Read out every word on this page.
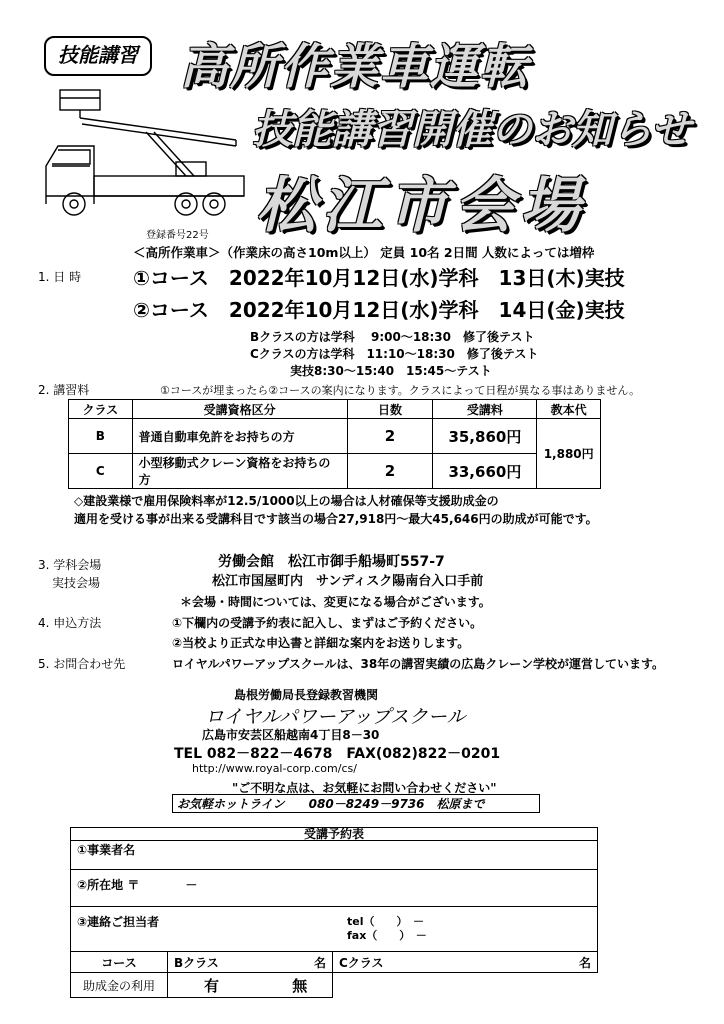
技能講習 高所作業車運転
技能講習開催のお知らせ
松江市会場
登録番号22号
＜高所作業車＞（作業床の高さ10m以上） 定員 10名 2日間 人数によっては増枠
1. 日 時	①コース　2022年10月12日(水)学科　13日(木)実技
②コース　2022年10月12日(水)学科　14日(金)実技
Bクラスの方は学科　 9:00～18:30　修了後テスト
Cクラスの方は学科　11:10～18:30　修了後テスト
実技8:30～15:40　15:45～テスト
2. 講習料	①コースが埋まったら②コースの案内になります。クラスによって日程が異なる事はありません。
クラス	受講資格区分	日数	受講料	教本代
B	普通自動車免許をお持ちの方	2	35,860円	1,880円
C	小型移動式クレーン資格をお持ちの方	2	33,660円	
◇建設業様で雇用保険料率が12.5/1000以上の場合は人材確保等支援助成金の
適用を受ける事が出来る受講科目です該当の場合27,918円～最大45,646円の助成が可能です。
3. 学科会場
実技会場
労働会館　松江市御手船場町557-7
松江市国屋町内　サンディスク陽南台入口手前
＊会場・時間については、変更になる場合がございます。
4. 申込方法	①下欄内の受講予約表に記入し、まずはご予約ください。
②当校より正式な申込書と詳細な案内をお送りします。
5. お問合わせ先	ロイヤルパワーアップスクールは、38年の講習実績の広島クレーン学校が運営しています。
島根労働局長登録教習機関
ロイヤルパワーアップスクール
広島市安芸区船越南4丁目8－30
TEL 082－822－4678　FAX(082)822－0201
http://www.royal-corp.com/cs/
"ご不明な点は、お気軽にお問い合わせください"
お気軽ホットライン　　080－8249－9736　松原まで
受講予約表				
①事業者名				
②所在地 〒 －				
③連絡ご担当者 tel（　　）　－
fax（　　）　－				

コース	Bクラス	名	Cクラス	名
助成金の利用	有 無			
